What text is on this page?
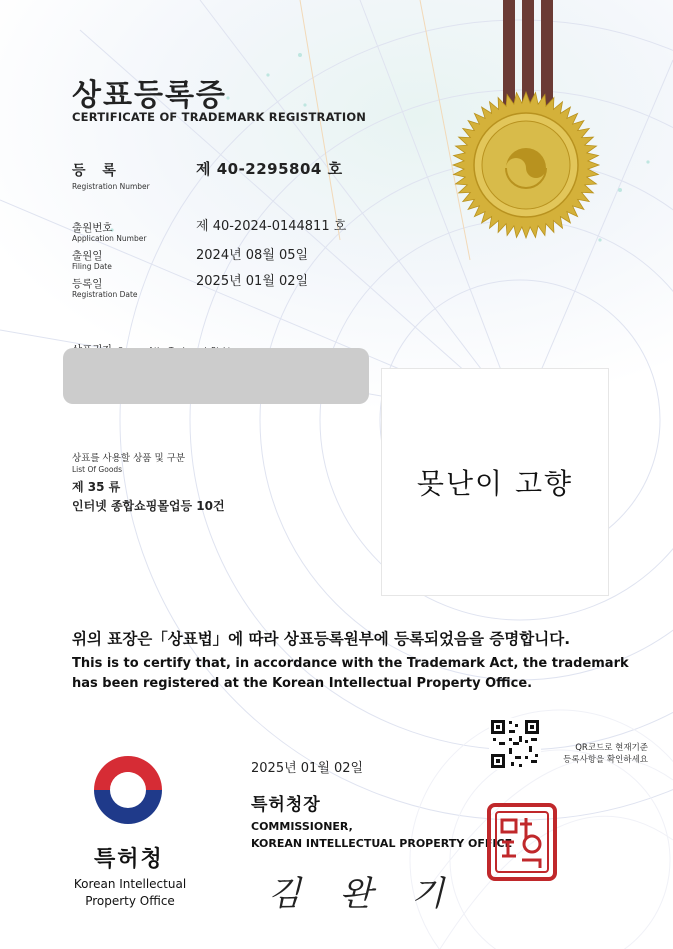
상표등록증
CERTIFICATE OF TRADEMARK REGISTRATION
등 록
Registration Number
제 40-2295804 호
출원번호
Application Number
제 40-2024-0144811 호
출원일
Filing Date
2024년 08월 05일
등록일
Registration Date
2025년 01월 02일
상표를 사용할 상품 및 구분
List Of Goods
제 35 류
인터넷 종합쇼핑몰업등 10건
못난이 고향
위의 표장은「상표법」에 따라 상표등록원부에 등록되었음을 증명합니다.
This is to certify that, in accordance with the Trademark Act, the trademark
has been registered at the Korean Intellectual Property Office.
특허청
Korean Intellectual
Property Office
2025년 01월 02일
QR코드로 현재기준
등록사항을 확인하세요
특허청장
COMMISSIONER,
KOREAN INTELLECTUAL PROPERTY OFFICE
김 완 기
